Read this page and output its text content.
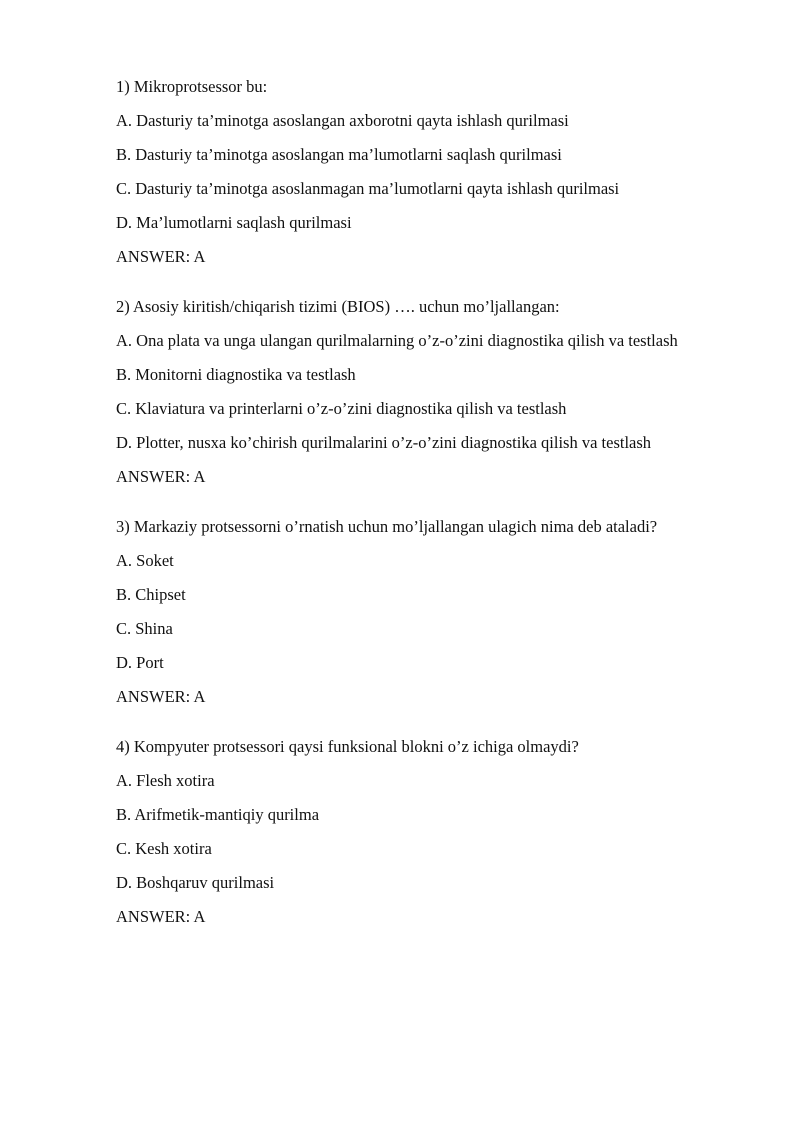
1) Mikroprotsessor bu:

A. Dasturiy ta’minotga asoslangan axborotni qayta ishlash qurilmasi

B. Dasturiy ta’minotga asoslangan ma’lumotlarni saqlash qurilmasi

C. Dasturiy ta’minotga asoslanmagan ma’lumotlarni qayta ishlash qurilmasi

D. Ma’lumotlarni saqlash qurilmasi

ANSWER: A

2) Asosiy kiritish/chiqarish tizimi (BIOS) …. uchun mo’ljallangan:

A. Ona plata va unga ulangan qurilmalarning o’z-o’zini diagnostika qilish va testlash

B. Monitorni diagnostika va testlash

C. Klaviatura va printerlarni o’z-o’zini diagnostika qilish va testlash

D. Plotter, nusxa ko’chirish qurilmalarini o’z-o’zini diagnostika qilish va testlash

ANSWER: A

3) Markaziy protsessorni o’rnatish uchun mo’ljallangan ulagich nima deb ataladi?

A. Soket

B. Chipset

C. Shina

D. Port

ANSWER: A

4) Kompyuter protsessori qaysi funksional blokni o’z ichiga olmaydi?

A. Flesh xotira

B. Arifmetik-mantiqiy qurilma

C. Kesh xotira

D. Boshqaruv qurilmasi

ANSWER: A
